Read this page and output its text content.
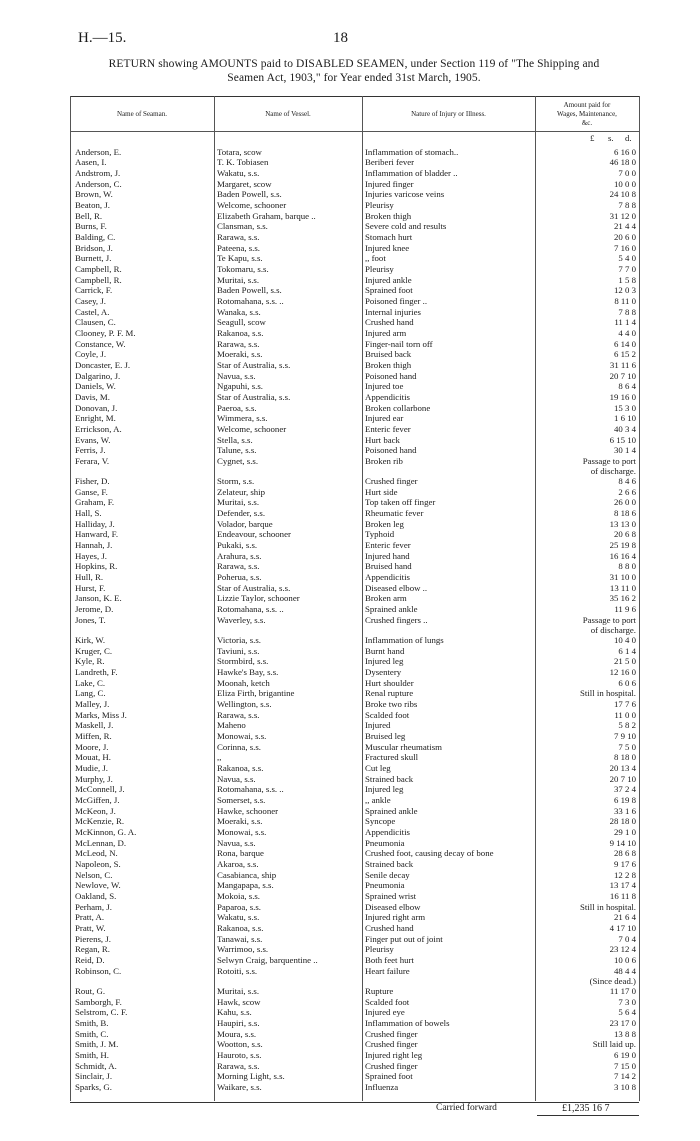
H.—15.	18
RETURN showing AMOUNTS paid to DISABLED SEAMEN, under Section 119 of "The Shipping and
Seamen Act, 1903," for Year ended 31st March, 1905.
Name of Seaman.	Name of Vessel.	Nature of Injury or Illness.
Amount paid for
Wages, Maintenance,
&c.
£ s. d.
Anderson, E.	Totara, scow	Inflammation of stomach..	6 16 0
Aasen, I.	T. K. Tobiasen	Beriberi fever	46 18 0
Andstrom, J.	Wakatu, s.s.	Inflammation of bladder ..	7 0 0
Anderson, C.	Margaret, scow	Injured finger	10 0 0
Brown, W.	Baden Powell, s.s.	Injuries varicose veins	24 10 8
Beaton, J.	Welcome, schooner	Pleurisy	7 8 8
Bell, R.	Elizabeth Graham, barque ..	Broken thigh	31 12 0
Burns, F.	Clansman, s.s.	Severe cold and results	21 4 4
Balding, C.	Rarawa, s.s.	Stomach hurt	20 6 0
Bridson, J.	Pateena, s.s.	Injured knee	7 16 0
Burnett, J.	Te Kapu, s.s.	,, foot	5 4 0
Campbell, R.	Tokomaru, s.s.	Pleurisy	7 7 0
Campbell, R.	Muritai, s.s.	Injured ankle	1 5 8
Carrick, F.	Baden Powell, s.s.	Sprained foot	12 0 3
Casey, J.	Rotomahana, s.s. ..	Poisoned finger ..	8 11 0
Castel, A.	Wanaka, s.s.	Internal injuries	7 8 8
Clausen, C.	Seagull, scow	Crushed hand	11 1 4
Clooney, P. F. M.	Rakanoa, s.s.	Injured arm	4 4 0
Constance, W.	Rarawa, s.s.	Finger-nail torn off	6 14 0
Coyle, J.	Moeraki, s.s.	Bruised back	6 15 2
Doncaster, E. J.	Star of Australia, s.s.	Broken thigh	31 11 6
Dalgarino, J.	Navua, s.s.	Poisoned hand	20 7 10
Daniels, W.	Ngapuhi, s.s.	Injured toe	8 6 4
Davis, M.	Star of Australia, s.s.	Appendicitis	19 16 0
Donovan, J.	Paeroa, s.s.	Broken collarbone	15 3 0
Enright, M.	Wimmera, s.s.	Injured ear	1 6 10
Errickson, A.	Welcome, schooner	Enteric fever	40 3 4
Evans, W.	Stella, s.s.	Hurt back	6 15 10
Ferris, J.	Talune, s.s.	Poisoned hand	30 1 4
Ferara, V.	Cygnet, s.s.	Broken rib	Passage to port
of discharge.
Fisher, D.	Storm, s.s.	Crushed finger	8 4 6
Ganse, F.	Zelateur, ship	Hurt side	2 6 6
Graham, F.	Muritai, s.s.	Top taken off finger	26 0 0
Hall, S.	Defender, s.s.	Rheumatic fever	8 18 6
Halliday, J.	Volador, barque	Broken leg	13 13 0
Hanward, F.	Endeavour, schooner	Typhoid	20 6 8
Hannah, J.	Pukaki, s.s.	Enteric fever	25 19 8
Hayes, J.	Arahura, s.s.	Injured hand	16 16 4
Hopkins, R.	Rarawa, s.s.	Bruised hand	8 8 0
Hull, R.	Poherua, s.s.	Appendicitis	31 10 0
Hurst, F.	Star of Australia, s.s.	Diseased elbow ..	13 11 0
Janson, K. E.	Lizzie Taylor, schooner	Broken arm	35 16 2
Jerome, D.	Rotomahana, s.s. ..	Sprained ankle	11 9 6
Jones, T.	Waverley, s.s.	Crushed fingers ..	Passage to port
of discharge.
Kirk, W.	Victoria, s.s.	Inflammation of lungs	10 4 0
Kruger, C.	Taviuni, s.s.	Burnt hand	6 1 4
Kyle, R.	Stormbird, s.s.	Injured leg	21 5 0
Landreth, F.	Hawke's Bay, s.s.	Dysentery	12 16 0
Lake, C.	Moonah, ketch	Hurt shoulder	6 0 6
Lang, C.	Eliza Firth, brigantine	Renal rupture	Still in hospital.
Malley, J.	Wellington, s.s.	Broke two ribs	17 7 6
Marks, Miss J.	Rarawa, s.s.	Scalded foot	11 0 0
Maskell, J.	Maheno	Injured	5 8 2
Miffen, R.	Monowai, s.s.	Bruised leg	7 9 10
Moore, J.	Corinna, s.s.	Muscular rheumatism	7 5 0
Mouat, H.	,,	Fractured skull	8 18 0
Mudie, J.	Rakanoa, s.s.	Cut leg	20 13 4
Murphy, J.	Navua, s.s.	Strained back	20 7 10
McConnell, J.	Rotomahana, s.s. ..	Injured leg	37 2 4
McGiffen, J.	Somerset, s.s.	,, ankle	6 19 8
McKeon, J.	Hawke, schooner	Sprained ankle	33 1 6
McKenzie, R.	Moeraki, s.s.	Syncope	28 18 0
McKinnon, G. A.	Monowai, s.s.	Appendicitis	29 1 0
McLennan, D.	Navua, s.s.	Pneumonia	9 14 10
McLeod, N.	Rona, barque	Crushed foot, causing decay of bone	28 6 8
Napoleon, S.	Akaroa, s.s.	Strained back	9 17 6
Nelson, C.	Casabianca, ship	Senile decay	12 2 8
Newlove, W.	Mangapapa, s.s.	Pneumonia	13 17 4
Oakland, S.	Mokoia, s.s.	Sprained wrist	16 11 8
Perham, J.	Paparoa, s.s.	Diseased elbow	Still in hospital.
Pratt, A.	Wakatu, s.s.	Injured right arm	21 6 4
Pratt, W.	Rakanoa, s.s.	Crushed hand	4 17 10
Pierens, J.	Tanawai, s.s.	Finger put out of joint	7 0 4
Regan, R.	Warrimoo, s.s.	Pleurisy	23 12 4
Reid, D.	Selwyn Craig, barquentine ..	Both feet hurt	10 0 6
Robinson, C.	Rotoiti, s.s.	Heart failure	48 4 4
(Since dead.)
Rout, G.	Muritai, s.s.	Rupture	11 17 0
Samborgh, F.	Hawk, scow	Scalded foot	7 3 0
Selstrom, C. F.	Kahu, s.s.	Injured eye	5 6 4
Smith, B.	Haupiri, s.s.	Inflammation of bowels	23 17 0
Smith, C.	Moura, s.s.	Crushed finger	13 8 8
Smith, J. M.	Wootton, s.s.	Crushed finger	Still laid up.
Smith, H.	Hauroto, s.s.	Injured right leg	6 19 0
Schmidt, A.	Rarawa, s.s.	Crushed finger	7 15 0
Sinclair, J.	Morning Light, s.s.	Sprained foot	7 14 2
Sparks, G.	Waikare, s.s.	Influenza	3 10 8
Carried forward	£1,235 16 7
